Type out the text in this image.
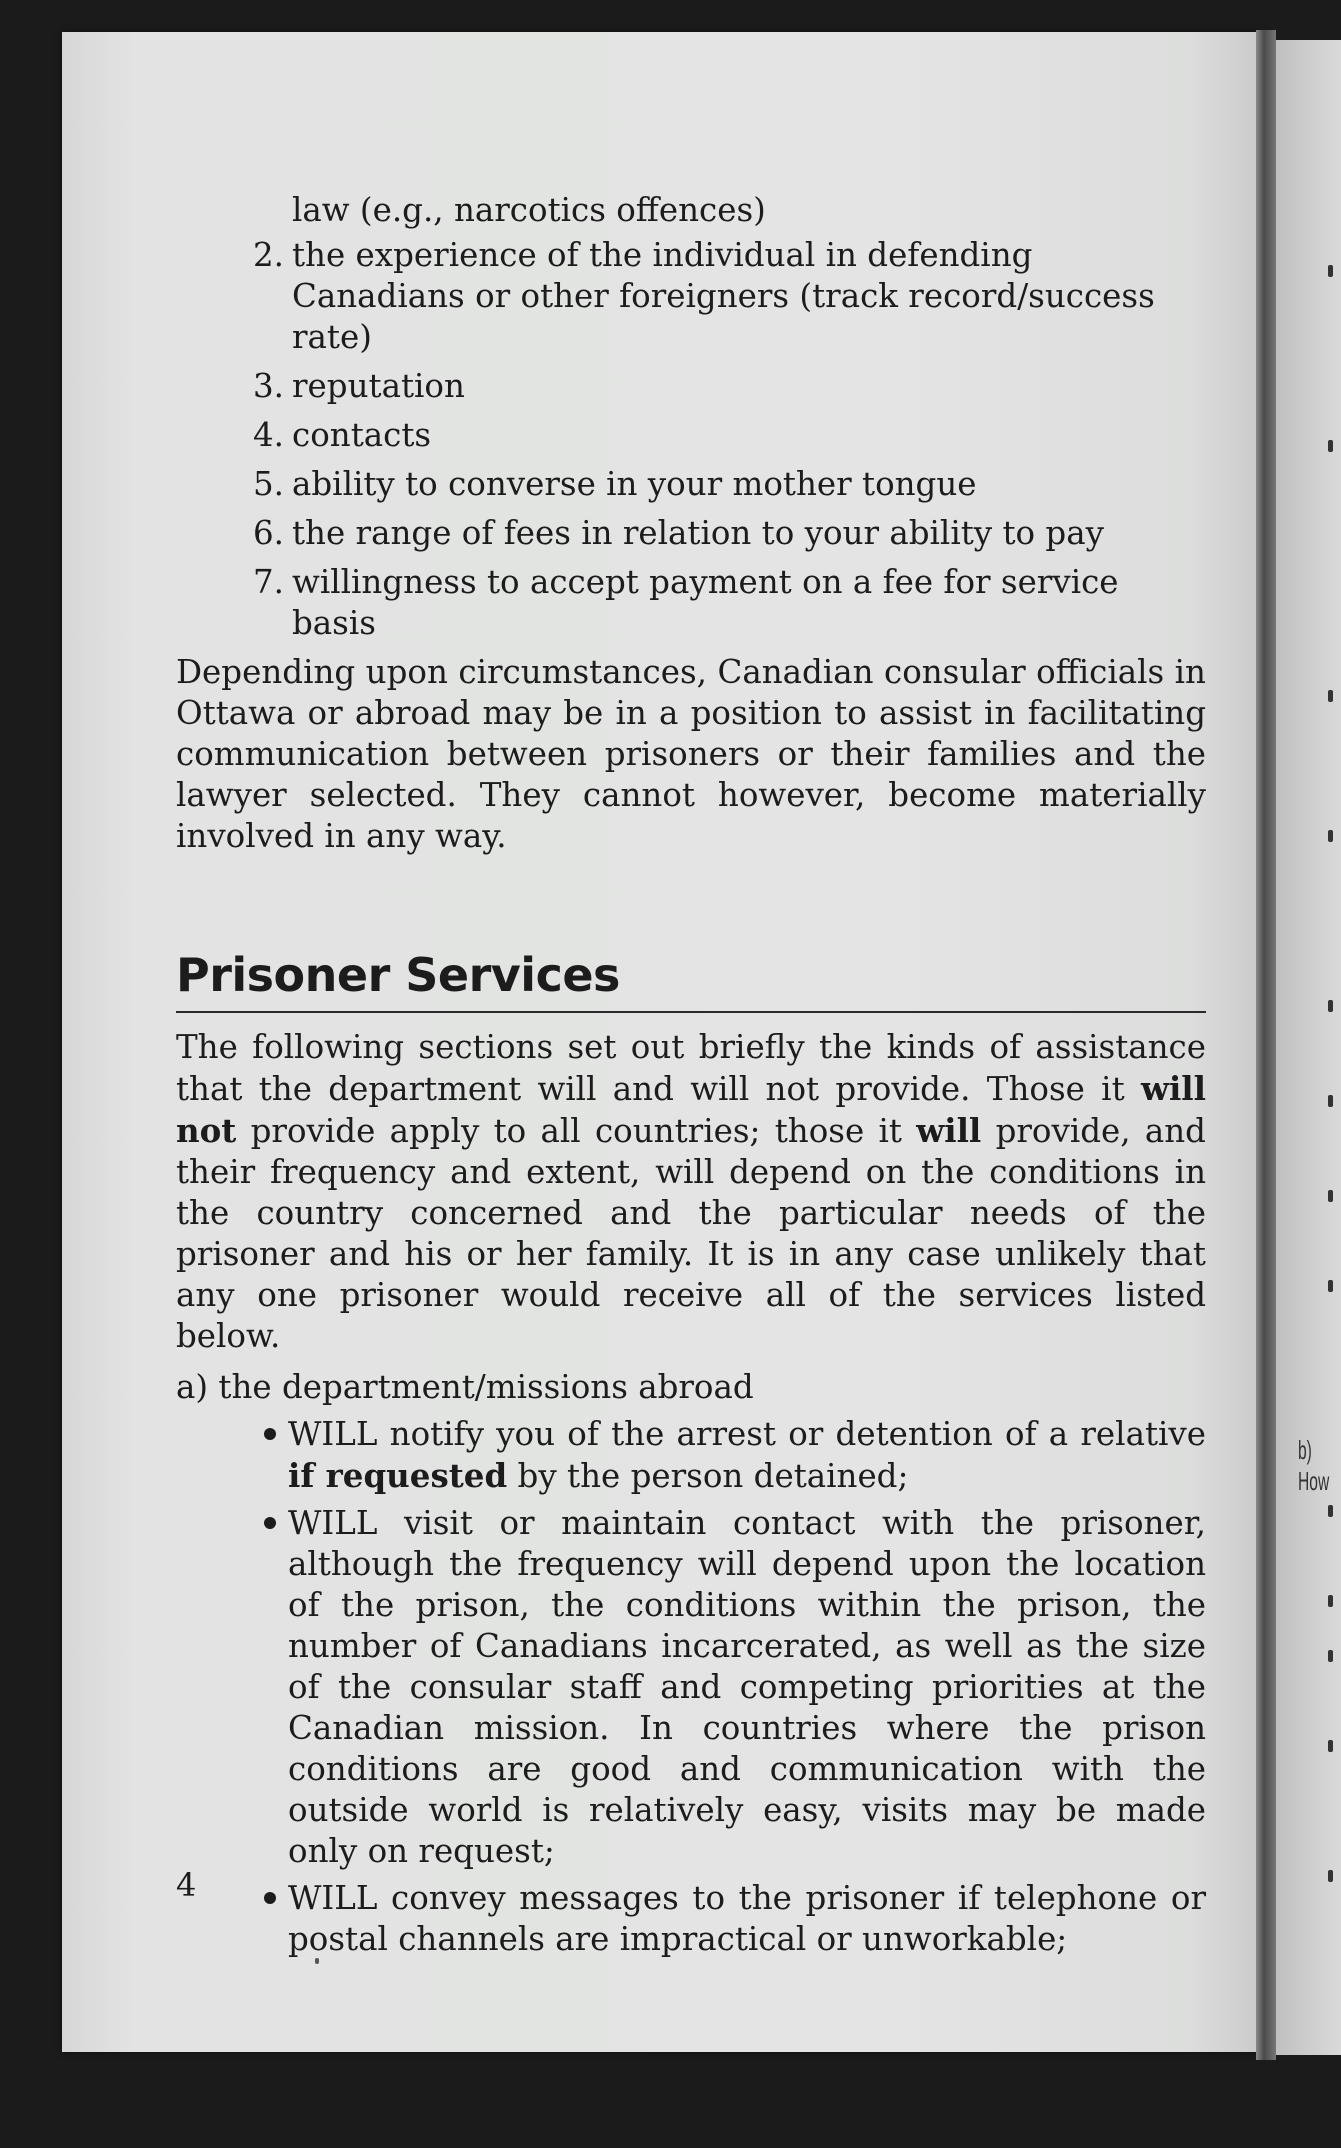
b) How

law (e.g., narcotics offences)

2. the experience of the individual in defending Canadians or other foreigners (track record/success rate)
3. reputation
4. contacts
5. ability to converse in your mother tongue
6. the range of fees in relation to your ability to pay
7. willingness to accept payment on a fee for service basis

Depending upon circumstances, Canadian consular officials in Ottawa or abroad may be in a position to assist in facilitating communication between prisoners or their families and the lawyer selected. They cannot however, become materially involved in any way.

Prisoner Services

The following sections set out briefly the kinds of assistance that the department will and will not provide. Those it will not provide apply to all countries; those it will provide, and their frequency and extent, will depend on the conditions in the country concerned and the particular needs of the prisoner and his or her family. It is in any case unlikely that any one prisoner would receive all of the services listed below.

a) the department/missions abroad

WILL notify you of the arrest or detention of a relative if requested by the person detained;
WILL visit or maintain contact with the prisoner, although the frequency will depend upon the location of the prison, the conditions within the prison, the number of Canadians incarcerated, as well as the size of the consular staff and competing priorities at the Canadian mission. In countries where the prison conditions are good and communication with the outside world is relatively easy, visits may be made only on request;
WILL convey messages to the prisoner if telephone or postal channels are impractical or unworkable;
4
